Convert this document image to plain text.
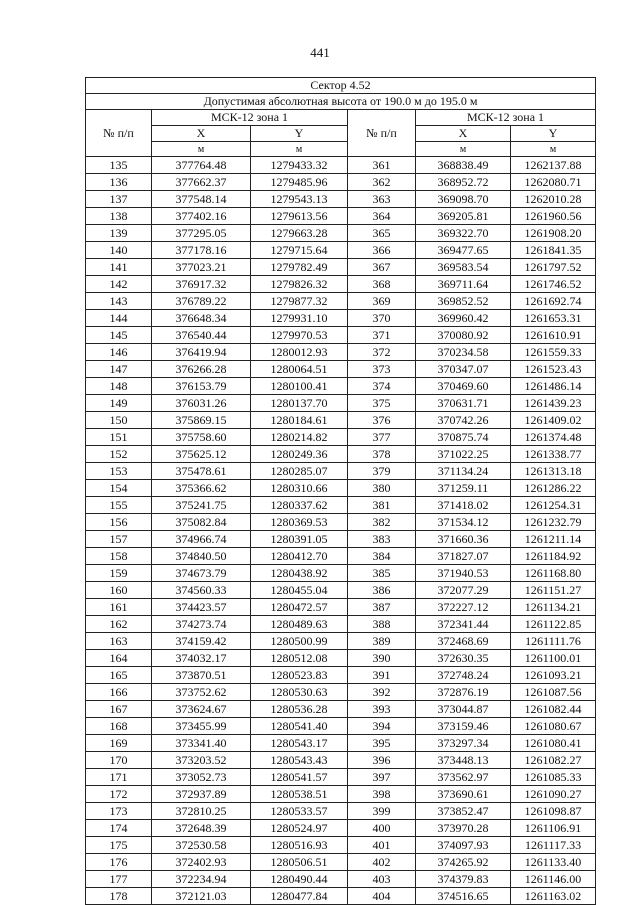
441
Сектор 4.52					
Допустимая абсолютная высота от 190.0 м до 195.0 м					
№ п/п	МСК-12 зона 1		№ п/п	МСК-12 зона 1	
	X	Y		X	Y
	м	м		м	м
135	377764.48	1279433.32	361	368838.49	1262137.88
136	377662.37	1279485.96	362	368952.72	1262080.71
137	377548.14	1279543.13	363	369098.70	1262010.28
138	377402.16	1279613.56	364	369205.81	1261960.56
139	377295.05	1279663.28	365	369322.70	1261908.20
140	377178.16	1279715.64	366	369477.65	1261841.35
141	377023.21	1279782.49	367	369583.54	1261797.52
142	376917.32	1279826.32	368	369711.64	1261746.52
143	376789.22	1279877.32	369	369852.52	1261692.74
144	376648.34	1279931.10	370	369960.42	1261653.31
145	376540.44	1279970.53	371	370080.92	1261610.91
146	376419.94	1280012.93	372	370234.58	1261559.33
147	376266.28	1280064.51	373	370347.07	1261523.43
148	376153.79	1280100.41	374	370469.60	1261486.14
149	376031.26	1280137.70	375	370631.71	1261439.23
150	375869.15	1280184.61	376	370742.26	1261409.02
151	375758.60	1280214.82	377	370875.74	1261374.48
152	375625.12	1280249.36	378	371022.25	1261338.77
153	375478.61	1280285.07	379	371134.24	1261313.18
154	375366.62	1280310.66	380	371259.11	1261286.22
155	375241.75	1280337.62	381	371418.02	1261254.31
156	375082.84	1280369.53	382	371534.12	1261232.79
157	374966.74	1280391.05	383	371660.36	1261211.14
158	374840.50	1280412.70	384	371827.07	1261184.92
159	374673.79	1280438.92	385	371940.53	1261168.80
160	374560.33	1280455.04	386	372077.29	1261151.27
161	374423.57	1280472.57	387	372227.12	1261134.21
162	374273.74	1280489.63	388	372341.44	1261122.85
163	374159.42	1280500.99	389	372468.69	1261111.76
164	374032.17	1280512.08	390	372630.35	1261100.01
165	373870.51	1280523.83	391	372748.24	1261093.21
166	373752.62	1280530.63	392	372876.19	1261087.56
167	373624.67	1280536.28	393	373044.87	1261082.44
168	373455.99	1280541.40	394	373159.46	1261080.67
169	373341.40	1280543.17	395	373297.34	1261080.41
170	373203.52	1280543.43	396	373448.13	1261082.27
171	373052.73	1280541.57	397	373562.97	1261085.33
172	372937.89	1280538.51	398	373690.61	1261090.27
173	372810.25	1280533.57	399	373852.47	1261098.87
174	372648.39	1280524.97	400	373970.28	1261106.91
175	372530.58	1280516.93	401	374097.93	1261117.33
176	372402.93	1280506.51	402	374265.92	1261133.40
177	372234.94	1280490.44	403	374379.83	1261146.00
178	372121.03	1280477.84	404	374516.65	1261163.02
